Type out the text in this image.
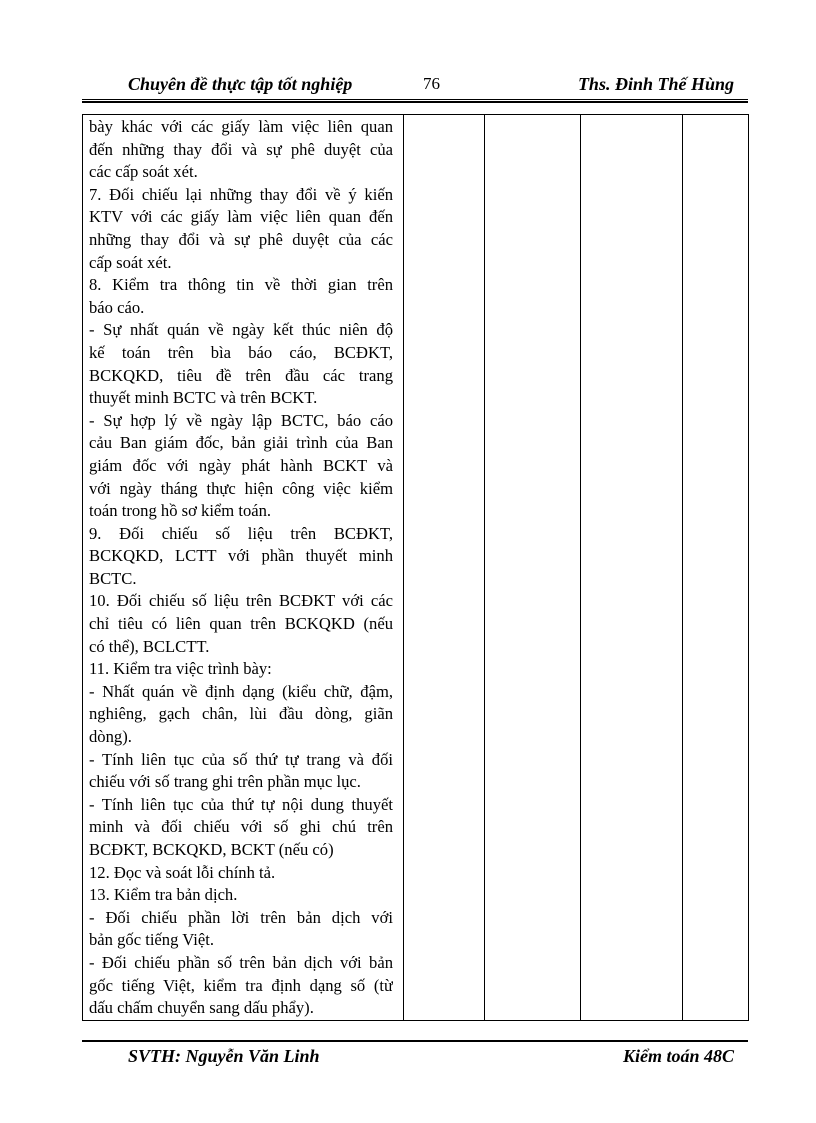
Chuyên đề thực tập tốt nghiệp	76	Ths. Đinh Thế Hùng
bày khác với các giấy làm việc liên quan
đến những thay đổi và sự phê duyệt của
các cấp soát xét.
7. Đối chiếu lại những thay đổi về ý kiến
KTV với các giấy làm việc liên quan đến
những thay đổi và sự phê duyệt của các
cấp soát xét.
8. Kiểm tra thông tin về thời gian trên
báo cáo.
- Sự nhất quán về ngày kết thúc niên độ
kế toán trên bìa báo cáo, BCĐKT,
BCKQKD, tiêu đề trên đầu các trang
thuyết minh BCTC và trên BCKT.
- Sự hợp lý về ngày lập BCTC, báo cáo
cảu Ban giám đốc, bản giải trình của Ban
giám đốc với ngày phát hành BCKT và
với ngày tháng thực hiện công việc kiểm
toán trong hồ sơ kiểm toán.
9. Đối chiếu số liệu trên BCĐKT,
BCKQKD, LCTT với phần thuyết minh
BCTC.
10. Đối chiếu số liệu trên BCĐKT với các
chỉ tiêu có liên quan trên BCKQKD (nếu
có thể), BCLCTT.
11. Kiểm tra việc trình bày:
- Nhất quán về định dạng (kiểu chữ, đậm,
nghiêng, gạch chân, lùi đầu dòng, giãn
dòng).
- Tính liên tục của số thứ tự trang và đối
chiếu với số trang ghi trên phần mục lục.
- Tính liên tục của thứ tự nội dung thuyết
minh và đối chiếu với số ghi chú trên
BCĐKT, BCKQKD, BCKT (nếu có)
12. Đọc và soát lỗi chính tả.
13. Kiểm tra bản dịch.
- Đối chiếu phần lời trên bản dịch với
bản gốc tiếng Việt.
- Đối chiếu phần số trên bản dịch với bản
gốc tiếng Việt, kiểm tra định dạng số (từ
dấu chấm chuyển sang dấu phẩy).

SVTH: Nguyễn Văn Linh	Kiểm toán 48C
